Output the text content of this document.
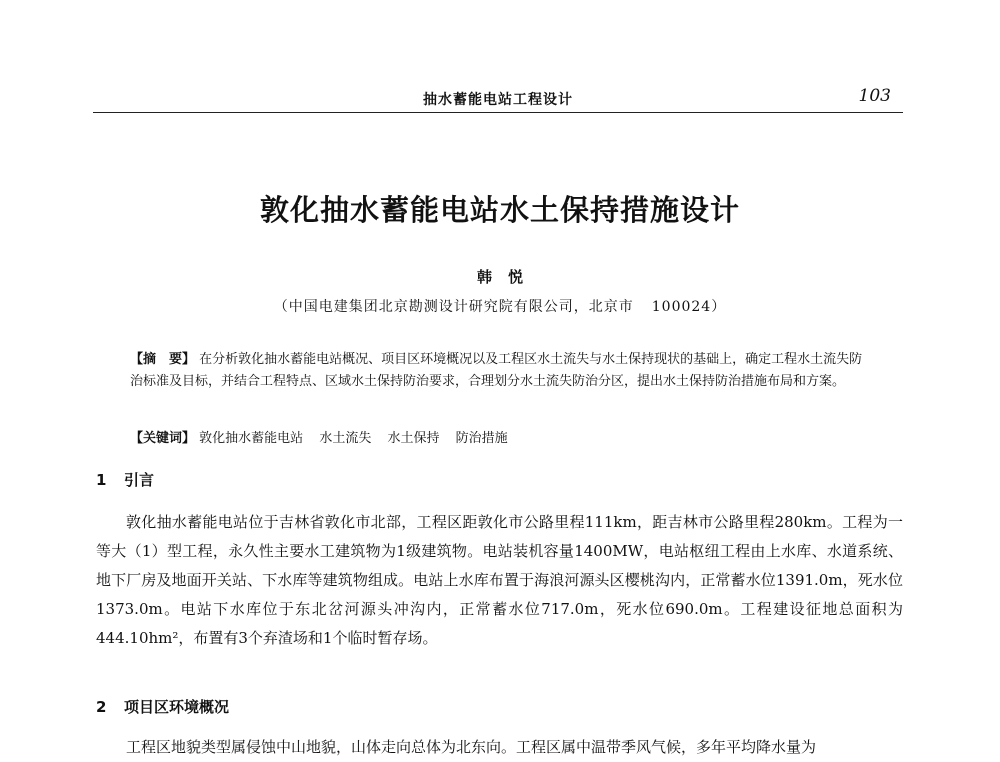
抽水蓄能电站工程设计	103
敦化抽水蓄能电站水土保持措施设计
韩悦
（中国电建集团北京勘测设计研究院有限公司，北京市 100024）
【摘　要】 在分析敦化抽水蓄能电站概况、项目区环境概况以及工程区水土流失与水土保持现状的基础上，确定工程水土流失防治标准及目标，并结合工程特点、区域水土保持防治要求，合理划分水土流失防治分区，提出水土保持防治措施布局和方案。
【关键词】 敦化抽水蓄能电站 水土流失 水土保持 防治措施
1 引言
敦化抽水蓄能电站位于吉林省敦化市北部，工程区距敦化市公路里程111km，距吉林市公路里程280km。工程为一等大（1）型工程，永久性主要水工建筑物为1级建筑物。电站装机容量1400MW，电站枢纽工程由上水库、水道系统、地下厂房及地面开关站、下水库等建筑物组成。电站上水库布置于海浪河源头区樱桃沟内，正常蓄水位1391.0m，死水位1373.0m。电站下水库位于东北岔河源头冲沟内，正常蓄水位717.0m，死水位690.0m。工程建设征地总面积为444.10hm²，布置有3个弃渣场和1个临时暂存场。
2 项目区环境概况
工程区地貌类型属侵蚀中山地貌，山体走向总体为北东向。工程区属中温带季风气候，多年平均降水量为
